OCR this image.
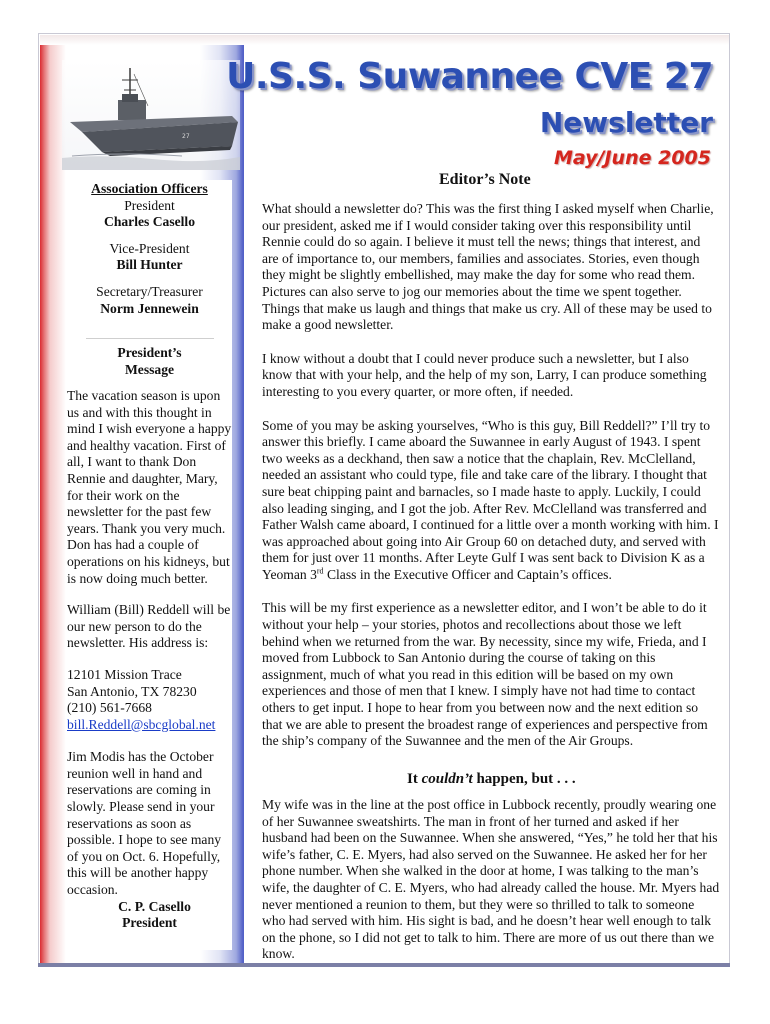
27
U.S.S. Suwannee CVE 27
Newsletter
May/June 2005
Association Officers
President
Charles Casello
Vice-President
Bill Hunter
Secretary/Treasurer
Norm Jennewein
President’s
Message

The vacation season is upon us and with this thought in mind I wish everyone a happy and healthy vacation. First of all, I want to thank Don Rennie and daughter, Mary, for their work on the newsletter for the past few years. Thank you very much. Don has had a couple of operations on his kidneys, but is now doing much better.

William (Bill) Reddell will be our new person to do the newsletter. His address is:

12101 Mission Trace
San Antonio, TX 78230
(210) 561-7668
bill.Reddell@sbcglobal.net

Jim Modis has the October reunion well in hand and reservations are coming in slowly. Please send in your reservations as soon as possible. I hope to see many of you on Oct. 6. Hopefully, this will be another happy occasion.

C. P. Casello
President
Editor’s Note

What should a newsletter do? This was the first thing I asked myself when Charlie, our president, asked me if I would consider taking over this responsibility until Rennie could do so again. I believe it must tell the news; things that interest, and are of importance to, our members, families and associates. Stories, even though they might be slightly embellished, may make the day for some who read them. Pictures can also serve to jog our memories about the time we spent together. Things that make us laugh and things that make us cry. All of these may be used to make a good newsletter.

I know without a doubt that I could never produce such a newsletter, but I also know that with your help, and the help of my son, Larry, I can produce something interesting to you every quarter, or more often, if needed.

Some of you may be asking yourselves, “Who is this guy, Bill Reddell?” I’ll try to answer this briefly. I came aboard the Suwannee in early August of 1943. I spent two weeks as a deckhand, then saw a notice that the chaplain, Rev. McClelland, needed an assistant who could type, file and take care of the library. I thought that sure beat chipping paint and barnacles, so I made haste to apply. Luckily, I could also leading singing, and I got the job. After Rev. McClelland was transferred and Father Walsh came aboard, I continued for a little over a month working with him. I was approached about going into Air Group 60 on detached duty, and served with them for just over 11 months. After Leyte Gulf I was sent back to Division K as a Yeoman 3rd Class in the Executive Officer and Captain’s offices.

This will be my first experience as a newsletter editor, and I won’t be able to do it without your help – your stories, photos and recollections about those we left behind when we returned from the war. By necessity, since my wife, Frieda, and I moved from Lubbock to San Antonio during the course of taking on this assignment, much of what you read in this edition will be based on my own experiences and those of men that I knew. I simply have not had time to contact others to get input. I hope to hear from you between now and the next edition so that we are able to present the broadest range of experiences and perspective from the ship’s company of the Suwannee and the men of the Air Groups.

It couldn’t happen, but . . .

My wife was in the line at the post office in Lubbock recently, proudly wearing one of her Suwannee sweatshirts. The man in front of her turned and asked if her husband had been on the Suwannee. When she answered, “Yes,” he told her that his wife’s father, C. E. Myers, had also served on the Suwannee. He asked her for her phone number. When she walked in the door at home, I was talking to the man’s wife, the daughter of C. E. Myers, who had already called the house. Mr. Myers had never mentioned a reunion to them, but they were so thrilled to talk to someone who had served with him. His sight is bad, and he doesn’t hear well enough to talk on the phone, so I did not get to talk to him. There are more of us out there than we know.
